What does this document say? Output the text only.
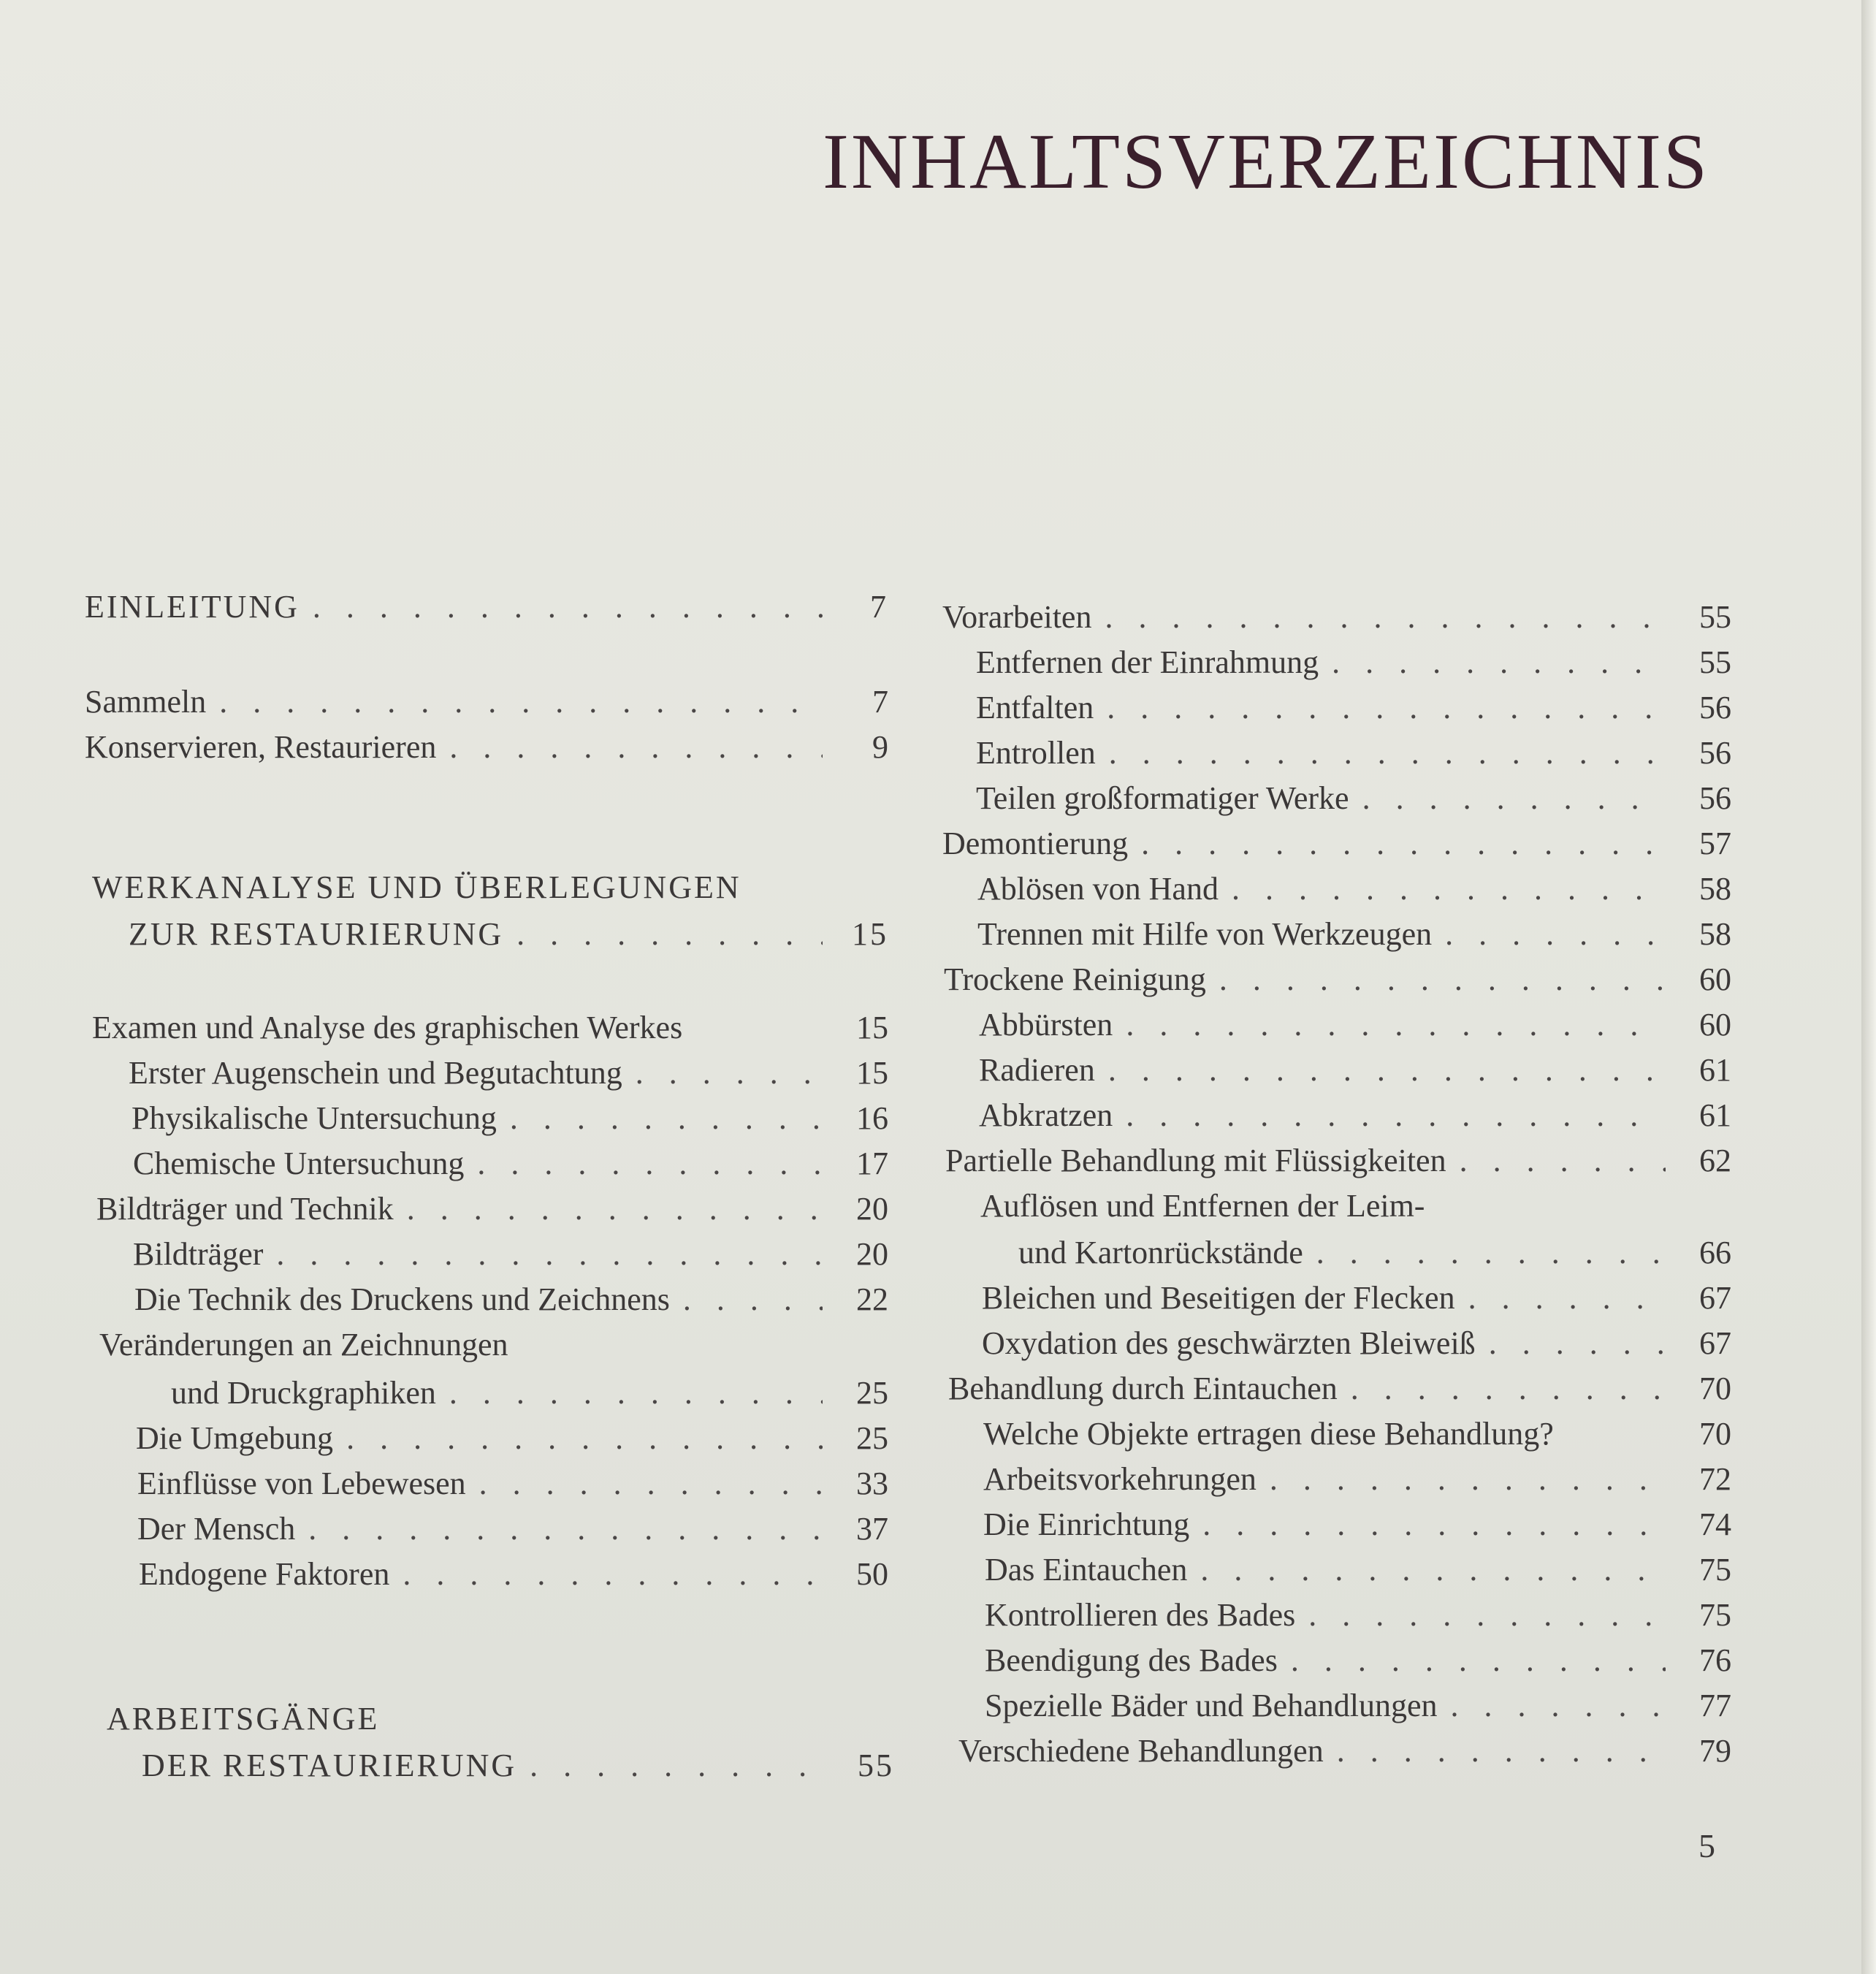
INHALTSVERZEICHNIS
EINLEITUNG . . .	7
Sammeln . . .	7
Konservieren, Restaurieren . . .	9
WERKANALYSE UND ÜBERLEGUNGEN
ZUR RESTAURIERUNG . . .	15
Examen und Analyse des graphischen Werkes	15
Erster Augenschein und Begutachtung . . .	15
Physikalische Untersuchung . . .	16
Chemische Untersuchung . . .	17
Bildträger und Technik . . .	20
Bildträger . . .	20
Die Technik des Druckens und Zeichnens . . .	22
Veränderungen an Zeichnungen
und Druckgraphiken . . .	25
Die Umgebung . . .	25
Einflüsse von Lebewesen . . .	33
Der Mensch . . .	37
Endogene Faktoren . . .	50
ARBEITSGÄNGE
DER RESTAURIERUNG . . .	55
Vorarbeiten . . .	55
Entfernen der Einrahmung . . .	55
Entfalten . . .	56
Entrollen . . .	56
Teilen großformatiger Werke . . .	56
Demontierung . . .	57
Ablösen von Hand . . .	58
Trennen mit Hilfe von Werkzeugen . . .	58
Trockene Reinigung . . .	60
Abbürsten . . .	60
Radieren . . .	61
Abkratzen . . .	61
Partielle Behandlung mit Flüssigkeiten . . .	62
Auflösen und Entfernen der Leim-
und Kartonrückstände . . .	66
Bleichen und Beseitigen der Flecken . . .	67
Oxydation des geschwärzten Bleiweiß . . .	67
Behandlung durch Eintauchen . . .	70
Welche Objekte ertragen diese Behandlung?	70
Arbeitsvorkehrungen . . .	72
Die Einrichtung . . .	74
Das Eintauchen . . .	75
Kontrollieren des Bades . . .	75
Beendigung des Bades . . .	76
Spezielle Bäder und Behandlungen . . .	77
Verschiedene Behandlungen . . .	79
5
